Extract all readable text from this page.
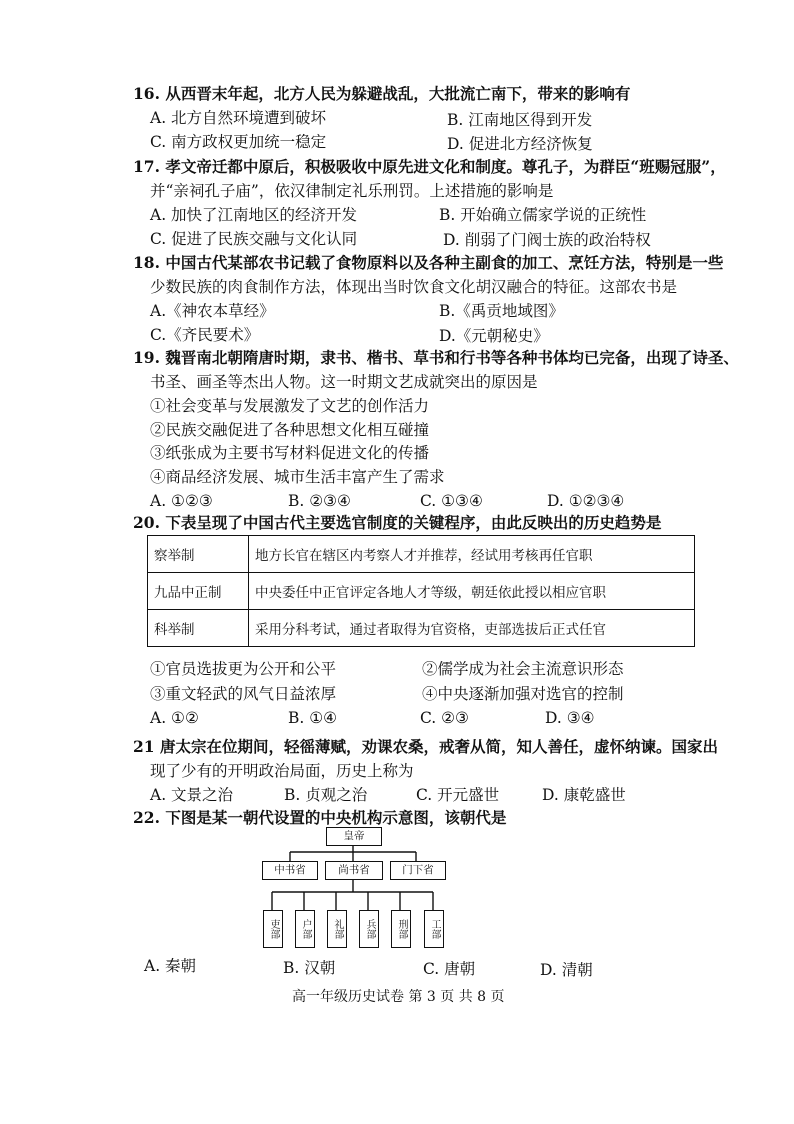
16. 从西晋末年起，北方人民为躲避战乱，大批流亡南下，带来的影响有
A. 北方自然环境遭到破坏	B. 江南地区得到开发
C. 南方政权更加统一稳定	D. 促进北方经济恢复
17. 孝文帝迁都中原后，积极吸收中原先进文化和制度。尊孔子，为群臣“班赐冠服”，
并“亲祠孔子庙”，依汉律制定礼乐刑罚。上述措施的影响是
A. 加快了江南地区的经济开发	B. 开始确立儒家学说的正统性
C. 促进了民族交融与文化认同	D. 削弱了门阀士族的政治特权
18. 中国古代某部农书记载了食物原料以及各种主副食的加工、烹饪方法，特别是一些
少数民族的肉食制作方法，体现出当时饮食文化胡汉融合的特征。这部农书是
A.《神农本草经》	B.《禹贡地域图》
C.《齐民要术》	D.《元朝秘史》
19. 魏晋南北朝隋唐时期，隶书、楷书、草书和行书等各种书体均已完备，出现了诗圣、
书圣、画圣等杰出人物。这一时期文艺成就突出的原因是
①社会变革与发展激发了文艺的创作活力
②民族交融促进了各种思想文化相互碰撞
③纸张成为主要书写材料促进文化的传播
④商品经济发展、城市生活丰富产生了需求
A. ①②③	B. ②③④	C. ①③④	D. ①②③④
20. 下表呈现了中国古代主要选官制度的关键程序，由此反映出的历史趋势是
察举制	地方长官在辖区内考察人才并推荐，经试用考核再任官职
九品中正制	中央委任中正官评定各地人才等级，朝廷依此授以相应官职
科举制	采用分科考试，通过者取得为官资格，吏部选拔后正式任官
①官员选拔更为公开和公平	②儒学成为社会主流意识形态
③重文轻武的风气日益浓厚	④中央逐渐加强对选官的控制
A. ①②	B. ①④	C. ②③	D. ③④
21 唐太宗在位期间，轻徭薄赋，劝课农桑，戒奢从简，知人善任，虚怀纳谏。国家出
现了少有的开明政治局面，历史上称为
A. 文景之治	B. 贞观之治	C. 开元盛世	D. 康乾盛世
22. 下图是某一朝代设置的中央机构示意图，该朝代是
皇帝
中书省	尚书省	门下省
吏部	户部	礼部	兵部	刑部	工部
A. 秦朝	B. 汉朝	C. 唐朝	D. 清朝
高一年级历史试卷 第 3 页 共 8 页
